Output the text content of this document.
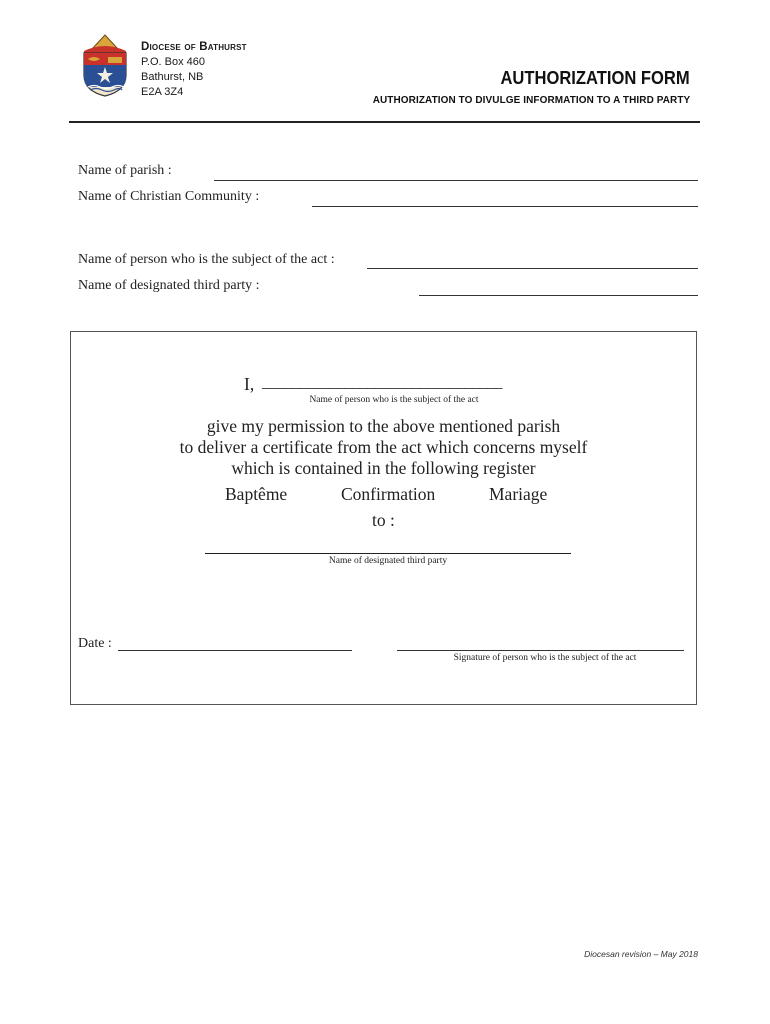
Diocese of Bathurst
P.O. Box 460
Bathurst, NB
E2A 3Z4
AUTHORIZATION FORM
AUTHORIZATION TO DIVULGE INFORMATION TO A THIRD PARTY
Name of parish :
Name of Christian Community :
Name of person who is the subject of the act :
Name of designated third party :
I, ________________________________
Name of person who is the subject of the act
give my permission to the above mentioned parish
to deliver a certificate from the act which concerns myself
which is contained in the following register
Baptême	Confirmation	Mariage
to :
Name of designated third party
Date :
Signature of person who is the subject of the act
Diocesan revision – May 2018
